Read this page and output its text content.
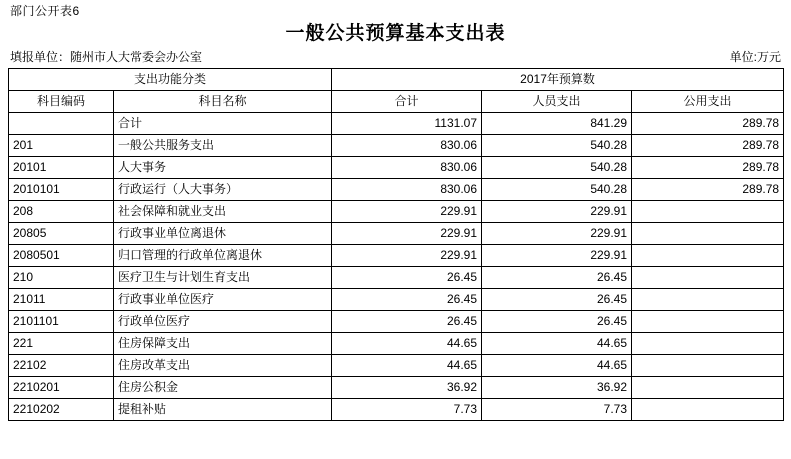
部门公开表6
一般公共预算基本支出表
填报单位：随州市人大常委会办公室	单位:万元
支出功能分类		2017年预算数		
科目编码	科目名称	合计	人员支出	公用支出
	合计	1131.07	841.29	289.78
201	一般公共服务支出	830.06	540.28	289.78
20101	人大事务	830.06	540.28	289.78
2010101	行政运行（人大事务）	830.06	540.28	289.78
208	社会保障和就业支出	229.91	229.91	
20805	行政事业单位离退休	229.91	229.91	
2080501	归口管理的行政单位离退休	229.91	229.91	
210	医疗卫生与计划生育支出	26.45	26.45	
21011	行政事业单位医疗	26.45	26.45	
2101101	行政单位医疗	26.45	26.45	
221	住房保障支出	44.65	44.65	
22102	住房改革支出	44.65	44.65	
2210201	住房公积金	36.92	36.92	
2210202	提租补贴	7.73	7.73	
